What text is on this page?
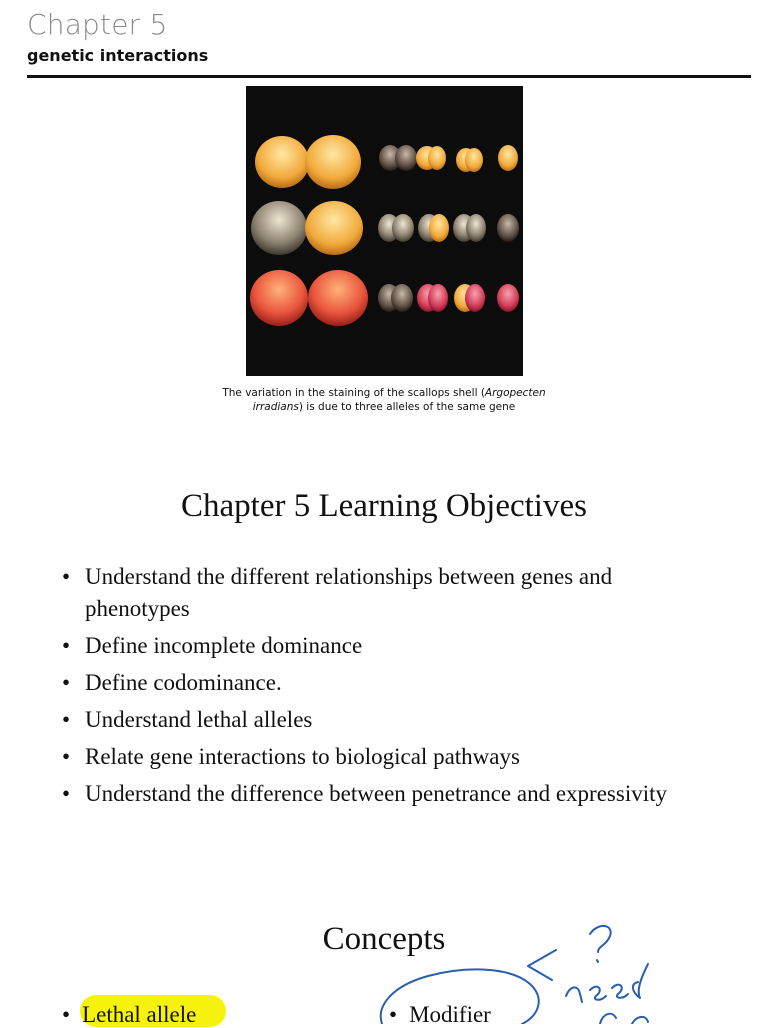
Chapter 5
genetic interactions
The variation in the staining of the scallops shell (Argopecten irradians) is due to three alleles of the same gene
Chapter 5 Learning Objectives
• Understand the different relationships between genes and phenotypes
• Define incomplete dominance
• Define codominance.
• Understand lethal alleles
• Relate gene interactions to biological pathways
• Understand the difference between penetrance and expressivity
Concepts
• Lethal allele	• Modifier
